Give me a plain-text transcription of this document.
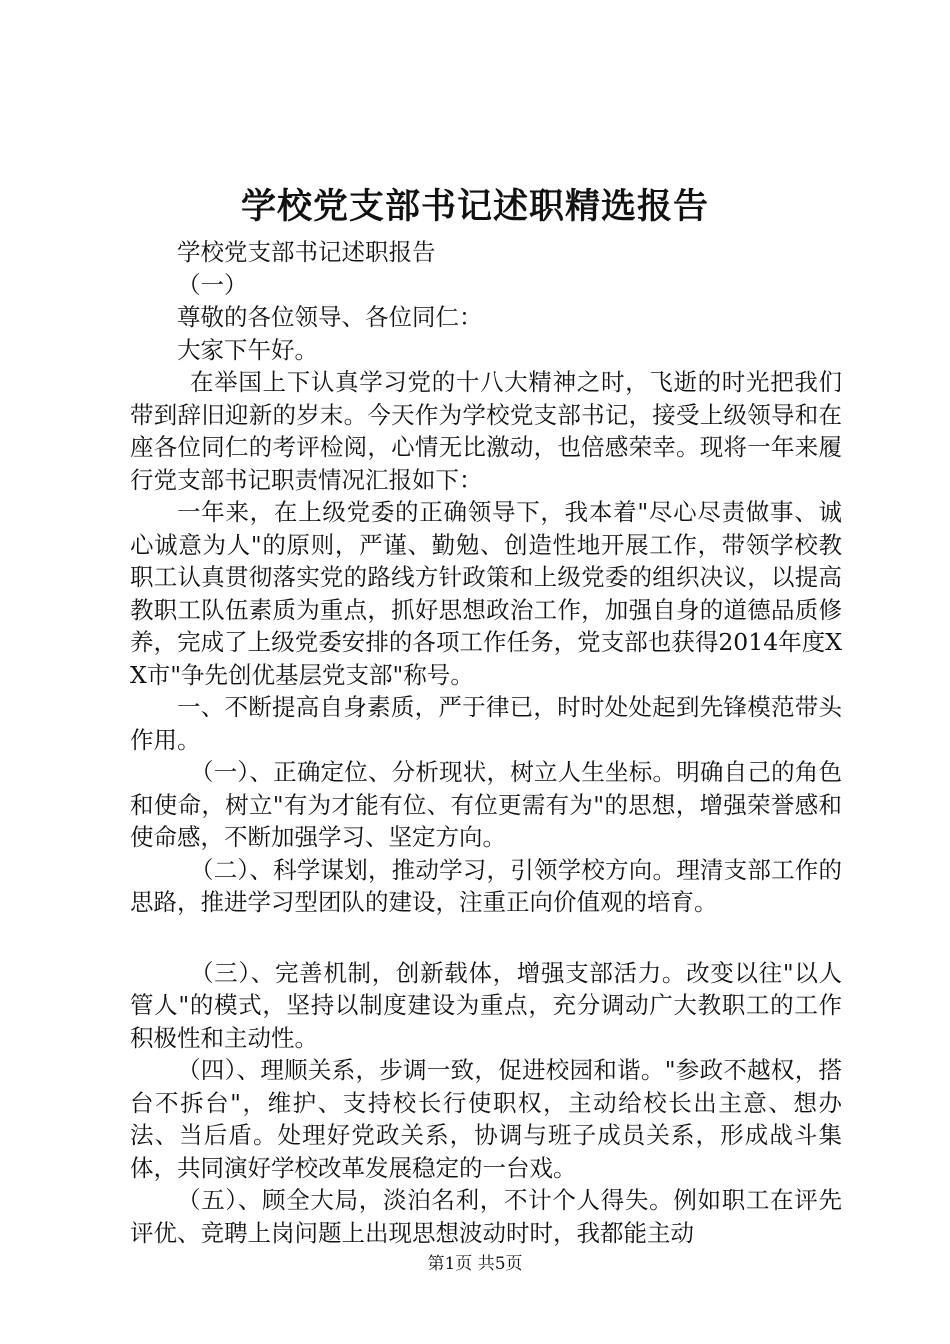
学校党支部书记述职精选报告

学校党支部书记述职报告

（一）

尊敬的各位领导、各位同仁：

大家下午好。

在举国上下认真学习党的十八大精神之时，飞逝的时光把我们带到辞旧迎新的岁末。今天作为学校党支部书记，接受上级领导和在座各位同仁的考评检阅，心情无比激动，也倍感荣幸。现将一年来履行党支部书记职责情况汇报如下：

一年来，在上级党委的正确领导下，我本着"尽心尽责做事、诚心诚意为人"的原则，严谨、勤勉、创造性地开展工作，带领学校教职工认真贯彻落实党的路线方针政策和上级党委的组织决议，以提高教职工队伍素质为重点，抓好思想政治工作，加强自身的道德品质修养，完成了上级党委安排的各项工作任务，党支部也获得2014年度XX市"争先创优基层党支部"称号。

一、不断提高自身素质，严于律已，时时处处起到先锋模范带头作用。

（一）、正确定位、分析现状，树立人生坐标。明确自己的角色和使命，树立"有为才能有位、有位更需有为"的思想，增强荣誉感和使命感，不断加强学习、坚定方向。

（二）、科学谋划，推动学习，引领学校方向。理清支部工作的思路，推进学习型团队的建设，注重正向价值观的培育。

（三）、完善机制，创新载体，增强支部活力。改变以往"以人管人"的模式，坚持以制度建设为重点，充分调动广大教职工的工作积极性和主动性。

（四）、理顺关系，步调一致，促进校园和谐。"参政不越权，搭台不拆台"，维护、支持校长行使职权，主动给校长出主意、想办法、当后盾。处理好党政关系，协调与班子成员关系，形成战斗集体，共同演好学校改革发展稳定的一台戏。

（五）、顾全大局，淡泊名利，不计个人得失。例如职工在评先评优、竞聘上岗问题上出现思想波动时时，我都能主动

第1页 共5页
